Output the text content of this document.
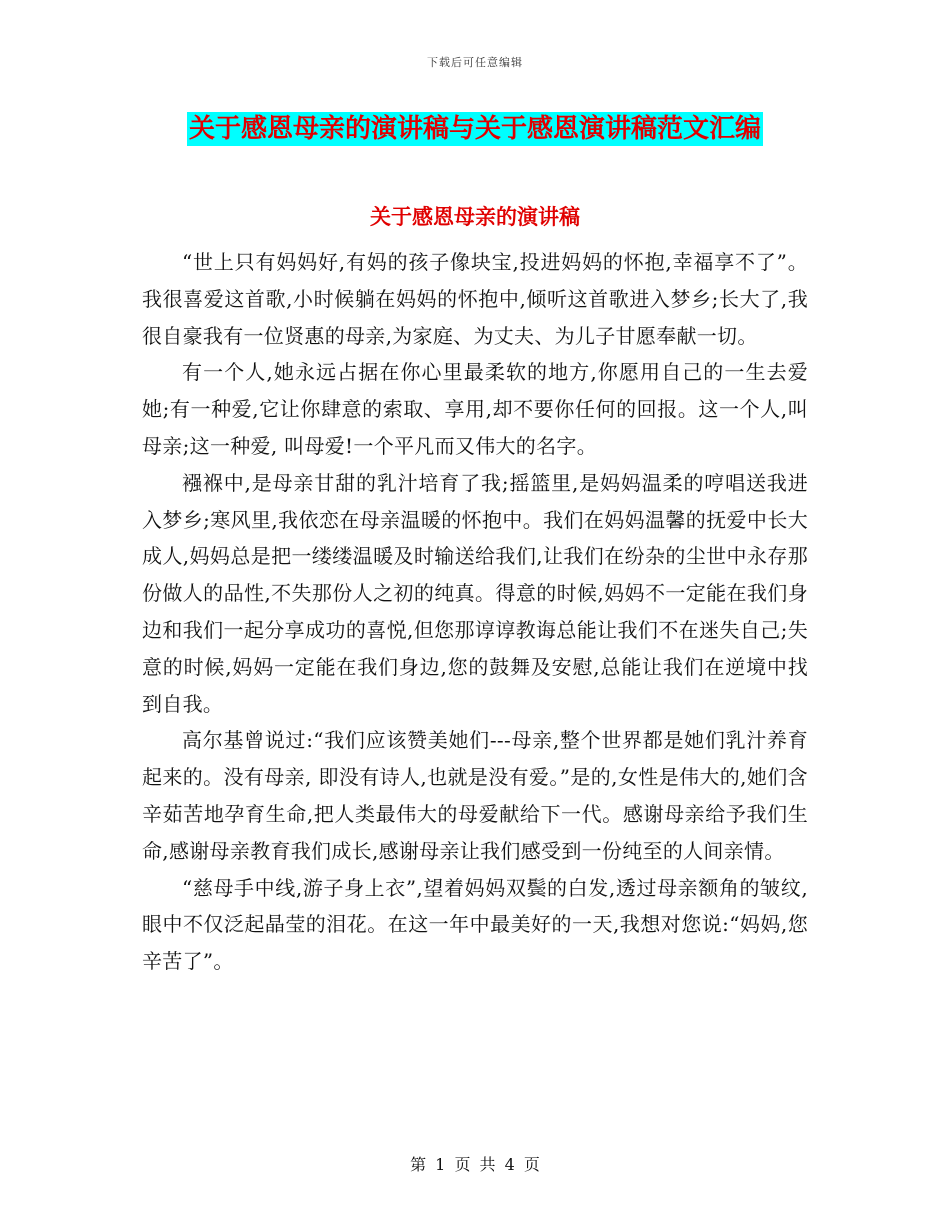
下载后可任意编辑
关于感恩母亲的演讲稿与关于感恩演讲稿范文汇编
关于感恩母亲的演讲稿

“世上只有妈妈好,有妈的孩子像块宝,投进妈妈的怀抱,幸福享不了”。我很喜爱这首歌,小时候躺在妈妈的怀抱中,倾听这首歌进入梦乡;长大了,我很自豪我有一位贤惠的母亲,为家庭、为丈夫、为儿子甘愿奉献一切。

有一个人,她永远占据在你心里最柔软的地方,你愿用自己的一生去爱她;有一种爱,它让你肆意的索取、享用,却不要你任何的回报。这一个人,叫母亲;这一种爱, 叫母爱!一个平凡而又伟大的名字。

襁褓中,是母亲甘甜的乳汁培育了我;摇篮里,是妈妈温柔的哼唱送我进入梦乡;寒风里,我依恋在母亲温暖的怀抱中。我们在妈妈温馨的抚爱中长大成人,妈妈总是把一缕缕温暖及时输送给我们,让我们在纷杂的尘世中永存那份做人的品性,不失那份人之初的纯真。得意的时候,妈妈不一定能在我们身边和我们一起分享成功的喜悦,但您那谆谆教诲总能让我们不在迷失自己;失意的时候,妈妈一定能在我们身边,您的鼓舞及安慰,总能让我们在逆境中找到自我。

高尔基曾说过:“我们应该赞美她们---母亲,整个世界都是她们乳汁养育起来的。没有母亲, 即没有诗人,也就是没有爱。”是的,女性是伟大的,她们含辛茹苦地孕育生命,把人类最伟大的母爱献给下一代。感谢母亲给予我们生命,感谢母亲教育我们成长,感谢母亲让我们感受到一份纯至的人间亲情。

“慈母手中线,游子身上衣”,望着妈妈双鬓的白发,透过母亲额角的皱纹,眼中不仅泛起晶莹的泪花。在这一年中最美好的一天,我想对您说:“妈妈,您辛苦了”。

第 1 页 共 4 页
